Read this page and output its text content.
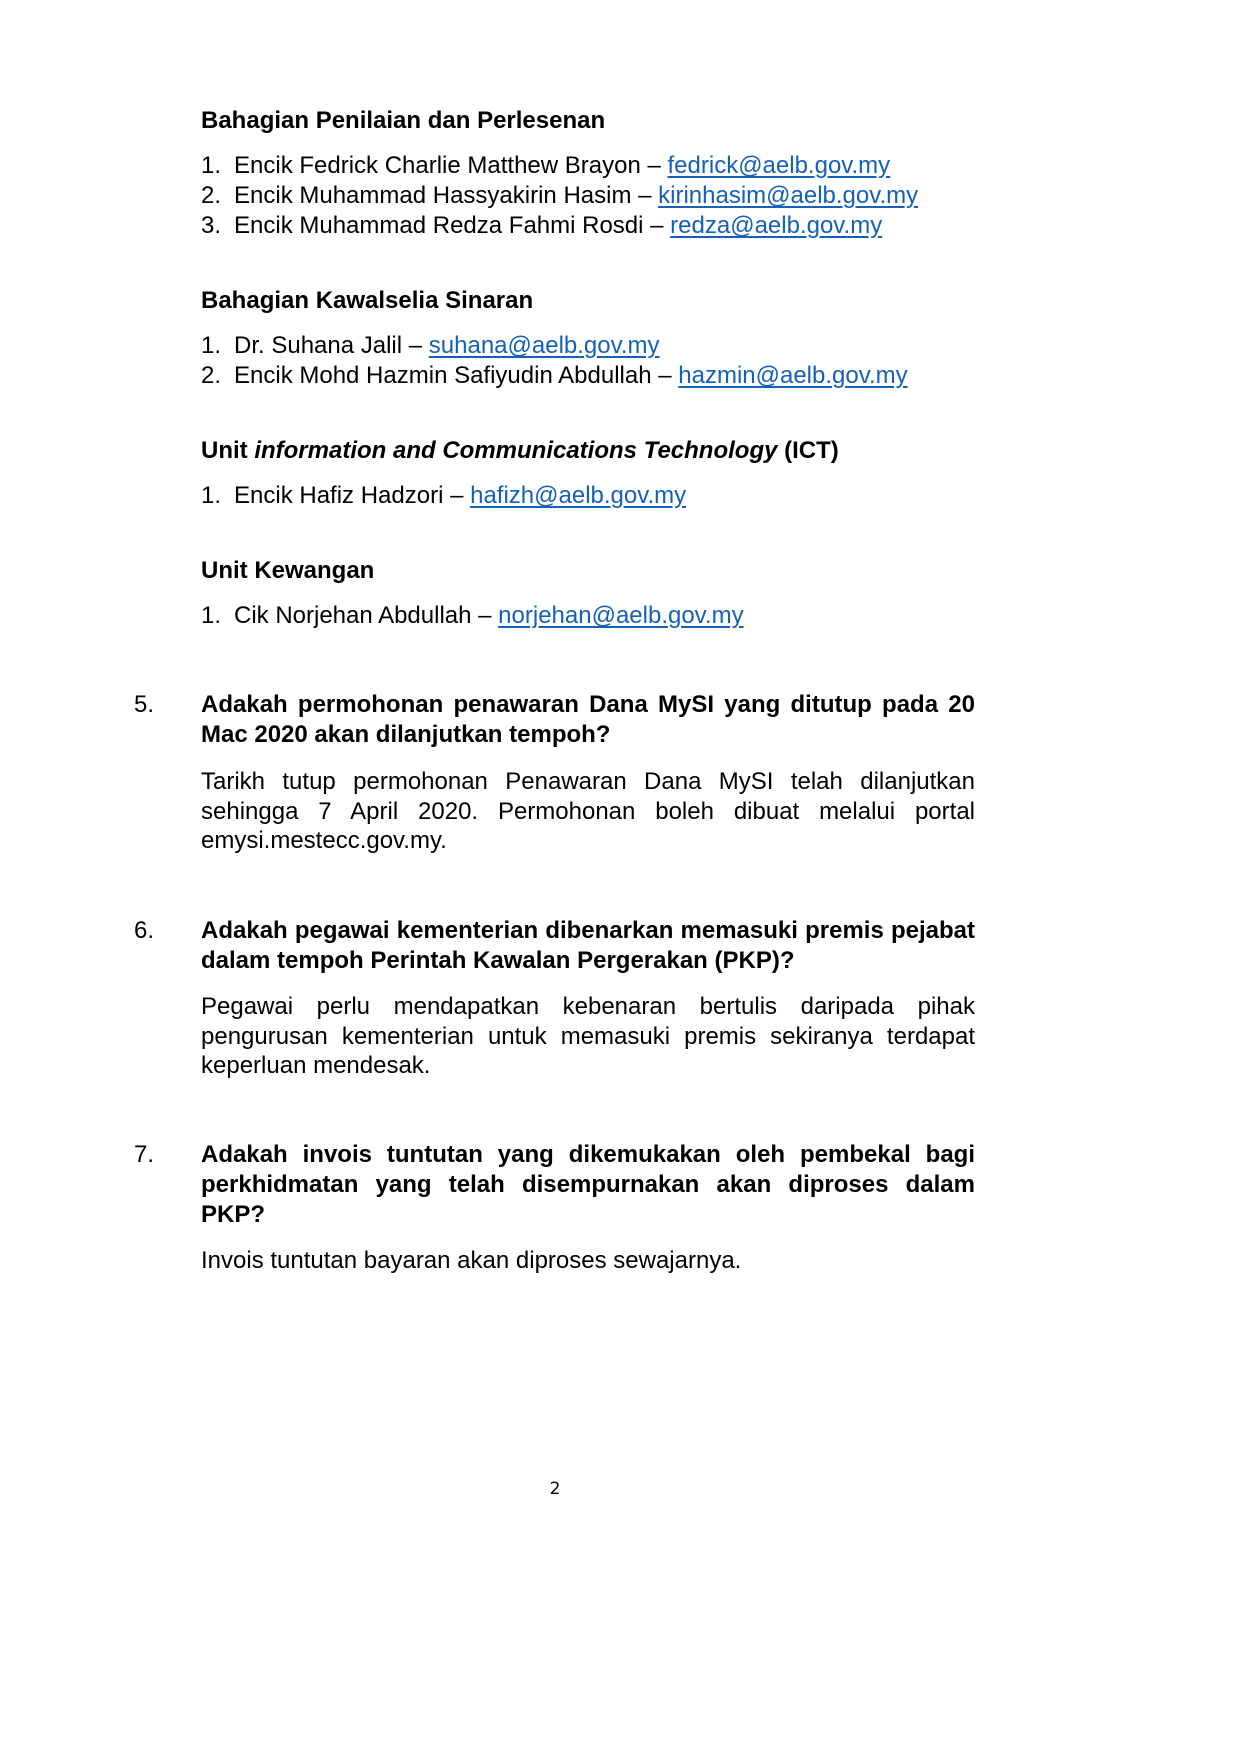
Bahagian Penilaian dan Perlesenan
1. Encik Fedrick Charlie Matthew Brayon – fedrick@aelb.gov.my
2. Encik Muhammad Hassyakirin Hasim – kirinhasim@aelb.gov.my
3. Encik Muhammad Redza Fahmi Rosdi – redza@aelb.gov.my
Bahagian Kawalselia Sinaran
1. Dr. Suhana Jalil – suhana@aelb.gov.my
2. Encik Mohd Hazmin Safiyudin Abdullah – hazmin@aelb.gov.my
Unit information and Communications Technology (ICT)
1. Encik Hafiz Hadzori – hafizh@aelb.gov.my
Unit Kewangan
1. Cik Norjehan Abdullah – norjehan@aelb.gov.my
5. Adakah permohonan penawaran Dana MySI yang ditutup pada 20 Mac 2020 akan dilanjutkan tempoh?
Tarikh tutup permohonan Penawaran Dana MySI telah dilanjutkan sehingga 7 April 2020. Permohonan boleh dibuat melalui portal emysi.mestecc.gov.my.
6. Adakah pegawai kementerian dibenarkan memasuki premis pejabat dalam tempoh Perintah Kawalan Pergerakan (PKP)?
Pegawai perlu mendapatkan kebenaran bertulis daripada pihak pengurusan kementerian untuk memasuki premis sekiranya terdapat keperluan mendesak.
7. Adakah invois tuntutan yang dikemukakan oleh pembekal bagi perkhidmatan yang telah disempurnakan akan diproses dalam PKP?
Invois tuntutan bayaran akan diproses sewajarnya.
2
